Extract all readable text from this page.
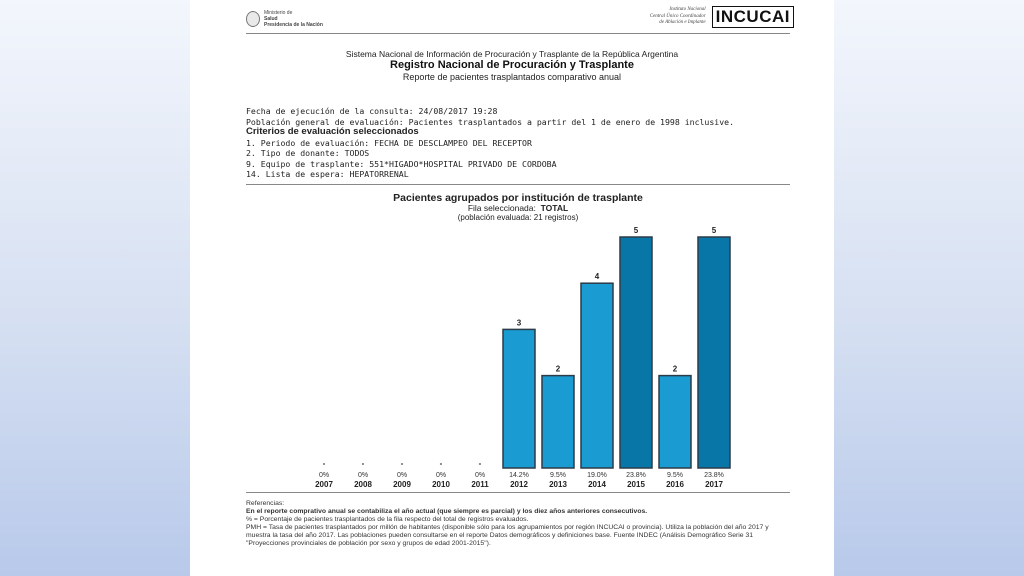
Ministerio de
Salud
Presidencia de la Nación
Instituto Nacional
Central Único Coordinador
de Ablación e Implante INCUCAI
Sistema Nacional de Información de Procuración y Trasplante de la República Argentina
Registro Nacional de Procuración y Trasplante
Reporte de pacientes trasplantados comparativo anual
Fecha de ejecución de la consulta: 24/08/2017 19:28
Población general de evaluación: Pacientes trasplantados a partir del 1 de enero de 1998 inclusive.
Criterios de evaluación seleccionados
1. Periodo de evaluación: FECHA DE DESCLAMPEO DEL RECEPTOR
2. Tipo de donante: TODOS
9. Equipo de trasplante: 551*HIGADO*HOSPITAL PRIVADO DE CORDOBA
14. Lista de espera: HEPATORRENAL
Pacientes agrupados por institución de trasplante
Fila seleccionada: TOTAL
(población evaluada: 21 registros)
-
0%
2007
-
0%
2008
-
0%
2009
-
0%
2010
-
0%
2011
3
14.2%
2012
2
9.5%
2013
4
19.0%
2014
5
23.8%
2015
2
9.5%
2016
5
23.8%
2017
Referencias:
En el reporte comprativo anual se contabiliza el año actual (que siempre es parcial) y los diez años anteriores consecutivos.
% = Porcentaje de pacientes trasplantados de la fila respecto del total de registros evaluados.
PMH = Tasa de pacientes trasplantados por millón de habitantes (disponible sólo para los agrupamientos por región INCUCAI o provincia). Utiliza la población del año 2017 y muestra la tasa del año 2017. Las poblaciones pueden consultarse en el reporte Datos demográficos y definiciones base. Fuente INDEC (Análisis Demográfico Serie 31 "Proyecciones provinciales de población por sexo y grupos de edad 2001-2015").
